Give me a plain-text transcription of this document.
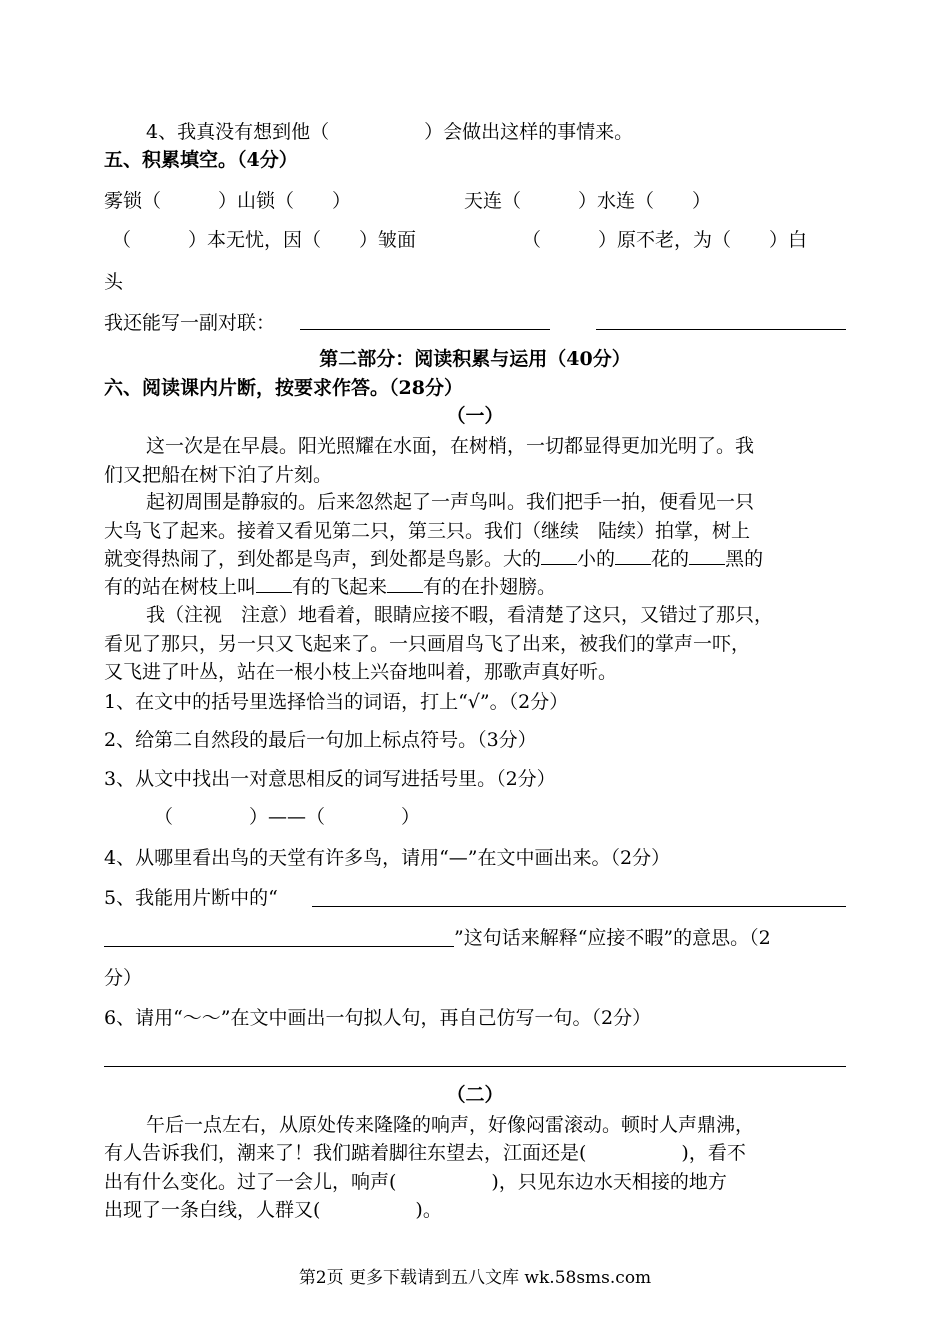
4、我真没有想到他（　　　　　）会做出这样的事情来。
五、积累填空。（4分）
雾锁（　　　）山锁（　　）	天连（　　　）水连（　　）
（　　　）本无忧，因（　　）皱面	（　　　）原不老，为（　　）白
头
我还能写一副对联：
第二部分：阅读积累与运用（40分）
六、阅读课内片断，按要求作答。（28分）
（一）
这一次是在早晨。阳光照耀在水面，在树梢，一切都显得更加光明了。我
们又把船在树下泊了片刻。
起初周围是静寂的。后来忽然起了一声鸟叫。我们把手一拍，便看见一只
大鸟飞了起来。接着又看见第二只，第三只。我们（继续　陆续）拍掌，树上
就变得热闹了，到处都是鸟声，到处都是鸟影。大的 小的 花的 黑的
有的站在树枝上叫 有的飞起来 有的在扑翅膀。
我（注视　注意）地看着，眼睛应接不暇，看清楚了这只，又错过了那只，
看见了那只，另一只又飞起来了。一只画眉鸟飞了出来，被我们的掌声一吓，
又飞进了叶丛，站在一根小枝上兴奋地叫着，那歌声真好听。
1、在文中的括号里选择恰当的词语，打上“√”。（2分）
2、给第二自然段的最后一句加上标点符号。（3分）
3、从文中找出一对意思相反的词写进括号里。（2分）
（　　　　）——（　　　　）
4、从哪里看出鸟的天堂有许多鸟，请用“—”在文中画出来。（2分）
5、我能用片断中的“
”这句话来解释“应接不暇”的意思。（2
分）
6、请用“～～”在文中画出一句拟人句，再自己仿写一句。（2分）
（二）
午后一点左右，从原处传来隆隆的响声，好像闷雷滚动。顿时人声鼎沸，
有人告诉我们，潮来了！我们踮着脚往东望去，江面还是(　　　　　)，看不
出有什么变化。过了一会儿，响声(　　　　　)，只见东边水天相接的地方
出现了一条白线，人群又(　　　　　)。
第2页 更多下载请到五八文库 wk.58sms.com
